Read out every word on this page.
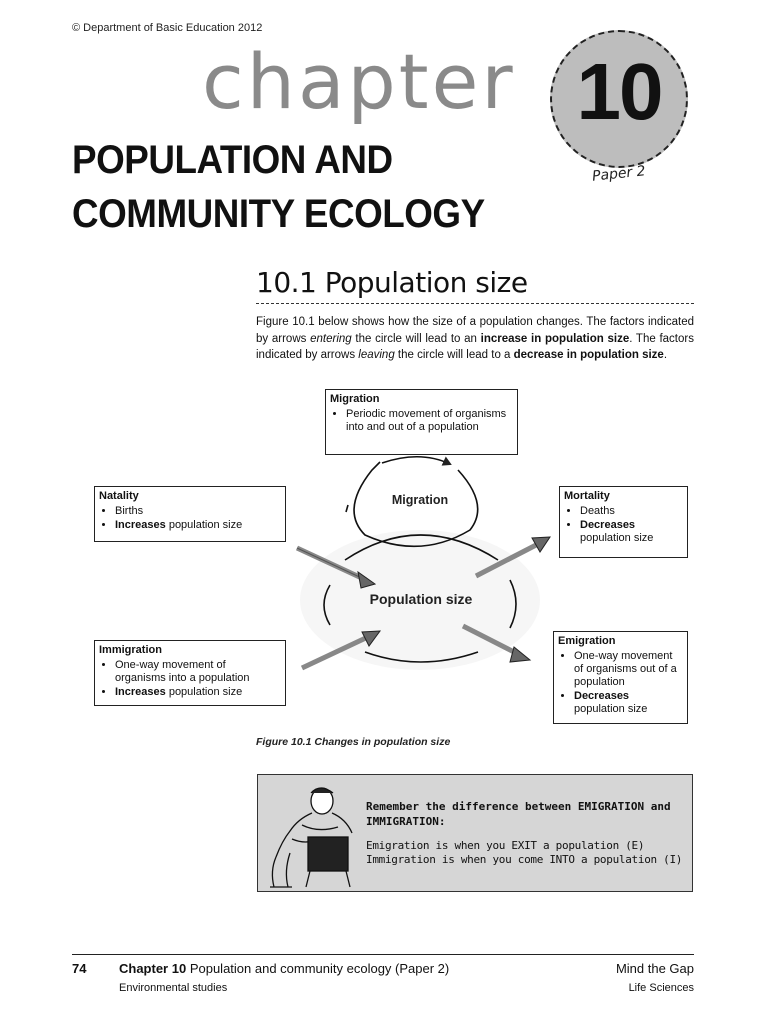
© Department of Basic Education 2012
chapter 10
Paper 2
POPULATION AND
COMMUNITY ECOLOGY
10.1 Population size
Figure 10.1 below shows how the size of a population changes. The factors indicated by arrows entering the circle will lead to an increase in population size. The factors indicated by arrows leaving the circle will lead to a decrease in population size.
Migration
Population size
Migration
• Periodic movement of organisms into and out of a population
Natality
• Births
• Increases population size
Mortality
• Deaths
• Decreases population size
Immigration
• One-way movement of organisms into a population
• Increases population size
Emigration
• One-way movement of organisms out of a population
• Decreases population size
Figure 10.1 Changes in population size
Remember the difference between EMIGRATION and IMMIGRATION:
Emigration is when you EXIT a population (E)
Immigration is when you come INTO a population (I)
74	Chapter 10 Population and community ecology (Paper 2)
Environmental studies
Mind the Gap
Life Sciences
